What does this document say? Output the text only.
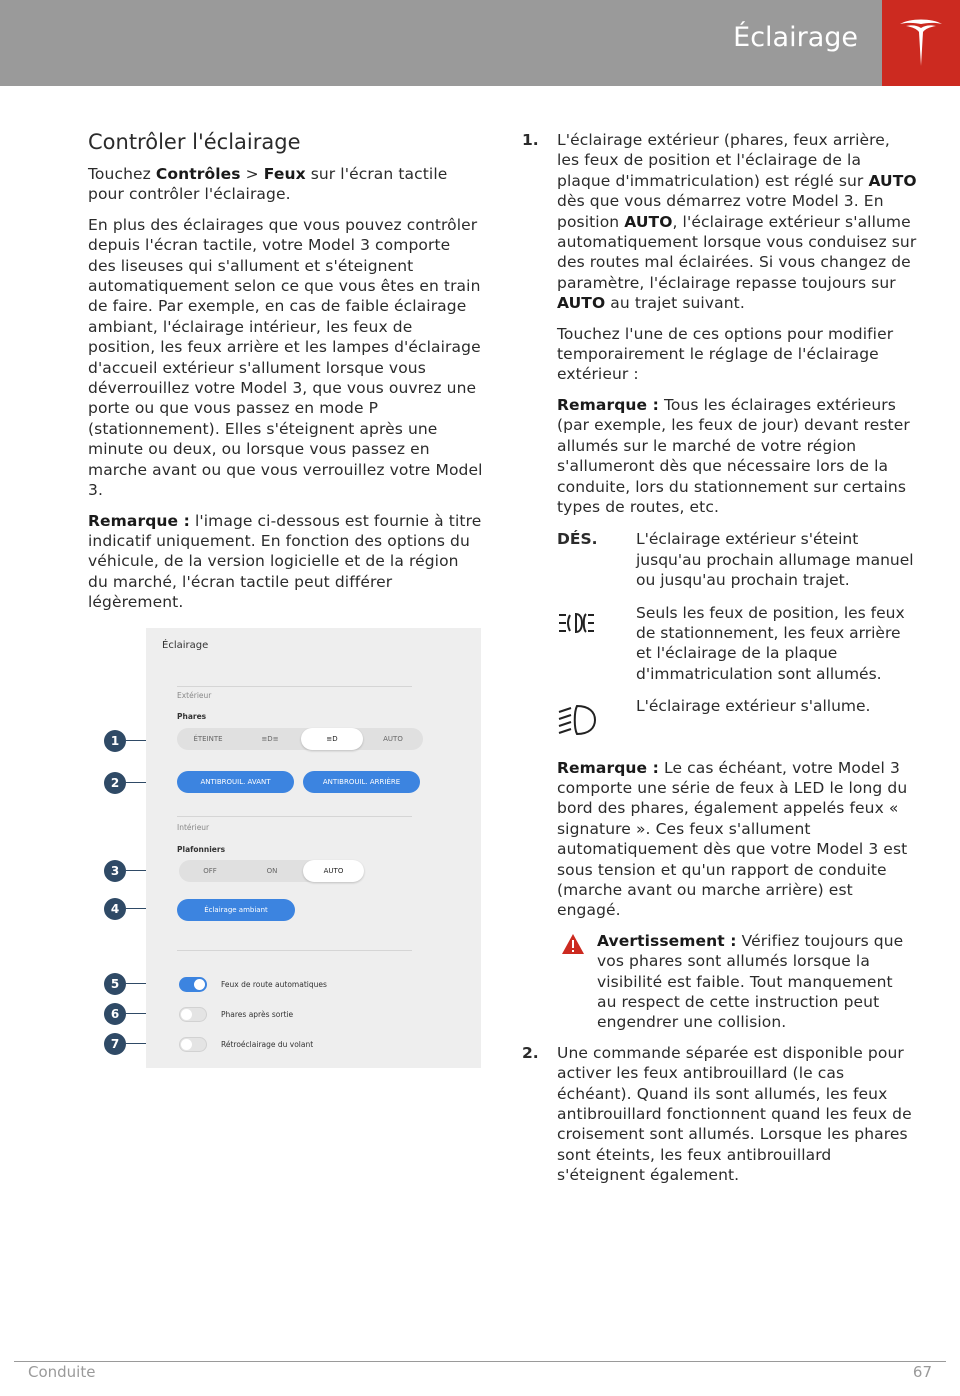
Éclairage
Contrôler l'éclairage

Touchez Contrôles > Feux sur l'écran tactile pour contrôler l'éclairage.

En plus des éclairages que vous pouvez contrôler depuis l'écran tactile, votre Model 3 comporte des liseuses qui s'allument et s'éteignent automatiquement selon ce que vous êtes en train de faire. Par exemple, en cas de faible éclairage ambiant, l'éclairage intérieur, les feux de position, les feux arrière et les lampes d'éclairage d'accueil extérieur s'allument lorsque vous déverrouillez votre Model 3, que vous ouvrez une porte ou que vous passez en mode P (stationnement). Elles s'éteignent après une minute ou deux, ou lorsque vous passez en marche avant ou que vous verrouillez votre Model 3.

Remarque : l'image ci-dessous est fournie à titre indicatif uniquement. En fonction des options du véhicule, de la version logicielle et de la région du marché, l'écran tactile peut différer légèrement.

Éclairage
Extérieur
Phares
ÉTEINTE	≡D≡	≡D	AUTO
ANTIBROUIL. AVANT	ANTIBROUIL. ARRIÈRE
Intérieur
Plafonniers
OFF	ON	AUTO
Éclairage ambiant
Feux de route automatiques
Phares après sortie
Rétroéclairage du volant
1
2
3
4
5
6
7
1. L'éclairage extérieur (phares, feux arrière, les feux de position et l'éclairage de la plaque d'immatriculation) est réglé sur AUTO dès que vous démarrez votre Model 3. En position AUTO, l'éclairage extérieur s'allume automatiquement lorsque vous conduisez sur des routes mal éclairées. Si vous changez de paramètre, l'éclairage repasse toujours sur AUTO au trajet suivant.

Touchez l'une de ces options pour modifier temporairement le réglage de l'éclairage extérieur :

Remarque : Tous les éclairages extérieurs (par exemple, les feux de jour) devant rester allumés sur le marché de votre région s'allumeront dès que nécessaire lors de la conduite, lors du stationnement sur certains types de routes, etc.

DÉS.	L'éclairage extérieur s'éteint jusqu'au prochain allumage manuel ou jusqu'au prochain trajet.
Seuls les feux de position, les feux de stationnement, les feux arrière et l'éclairage de la plaque d'immatriculation sont allumés.
L'éclairage extérieur s'allume.

Remarque : Le cas échéant, votre Model 3 comporte une série de feux à LED le long du bord des phares, également appelés feux « signature ». Ces feux s'allument automatiquement dès que votre Model 3 est sous tension et qu'un rapport de conduite (marche avant ou marche arrière) est engagé.

Avertissement : Vérifiez toujours que vos phares sont allumés lorsque la visibilité est faible. Tout manquement au respect de cette instruction peut engendrer une collision.

2. Une commande séparée est disponible pour activer les feux antibrouillard (le cas échéant). Quand ils sont allumés, les feux antibrouillard fonctionnent quand les feux de croisement sont allumés. Lorsque les phares sont éteints, les feux antibrouillard s'éteignent également.

Conduite	67
